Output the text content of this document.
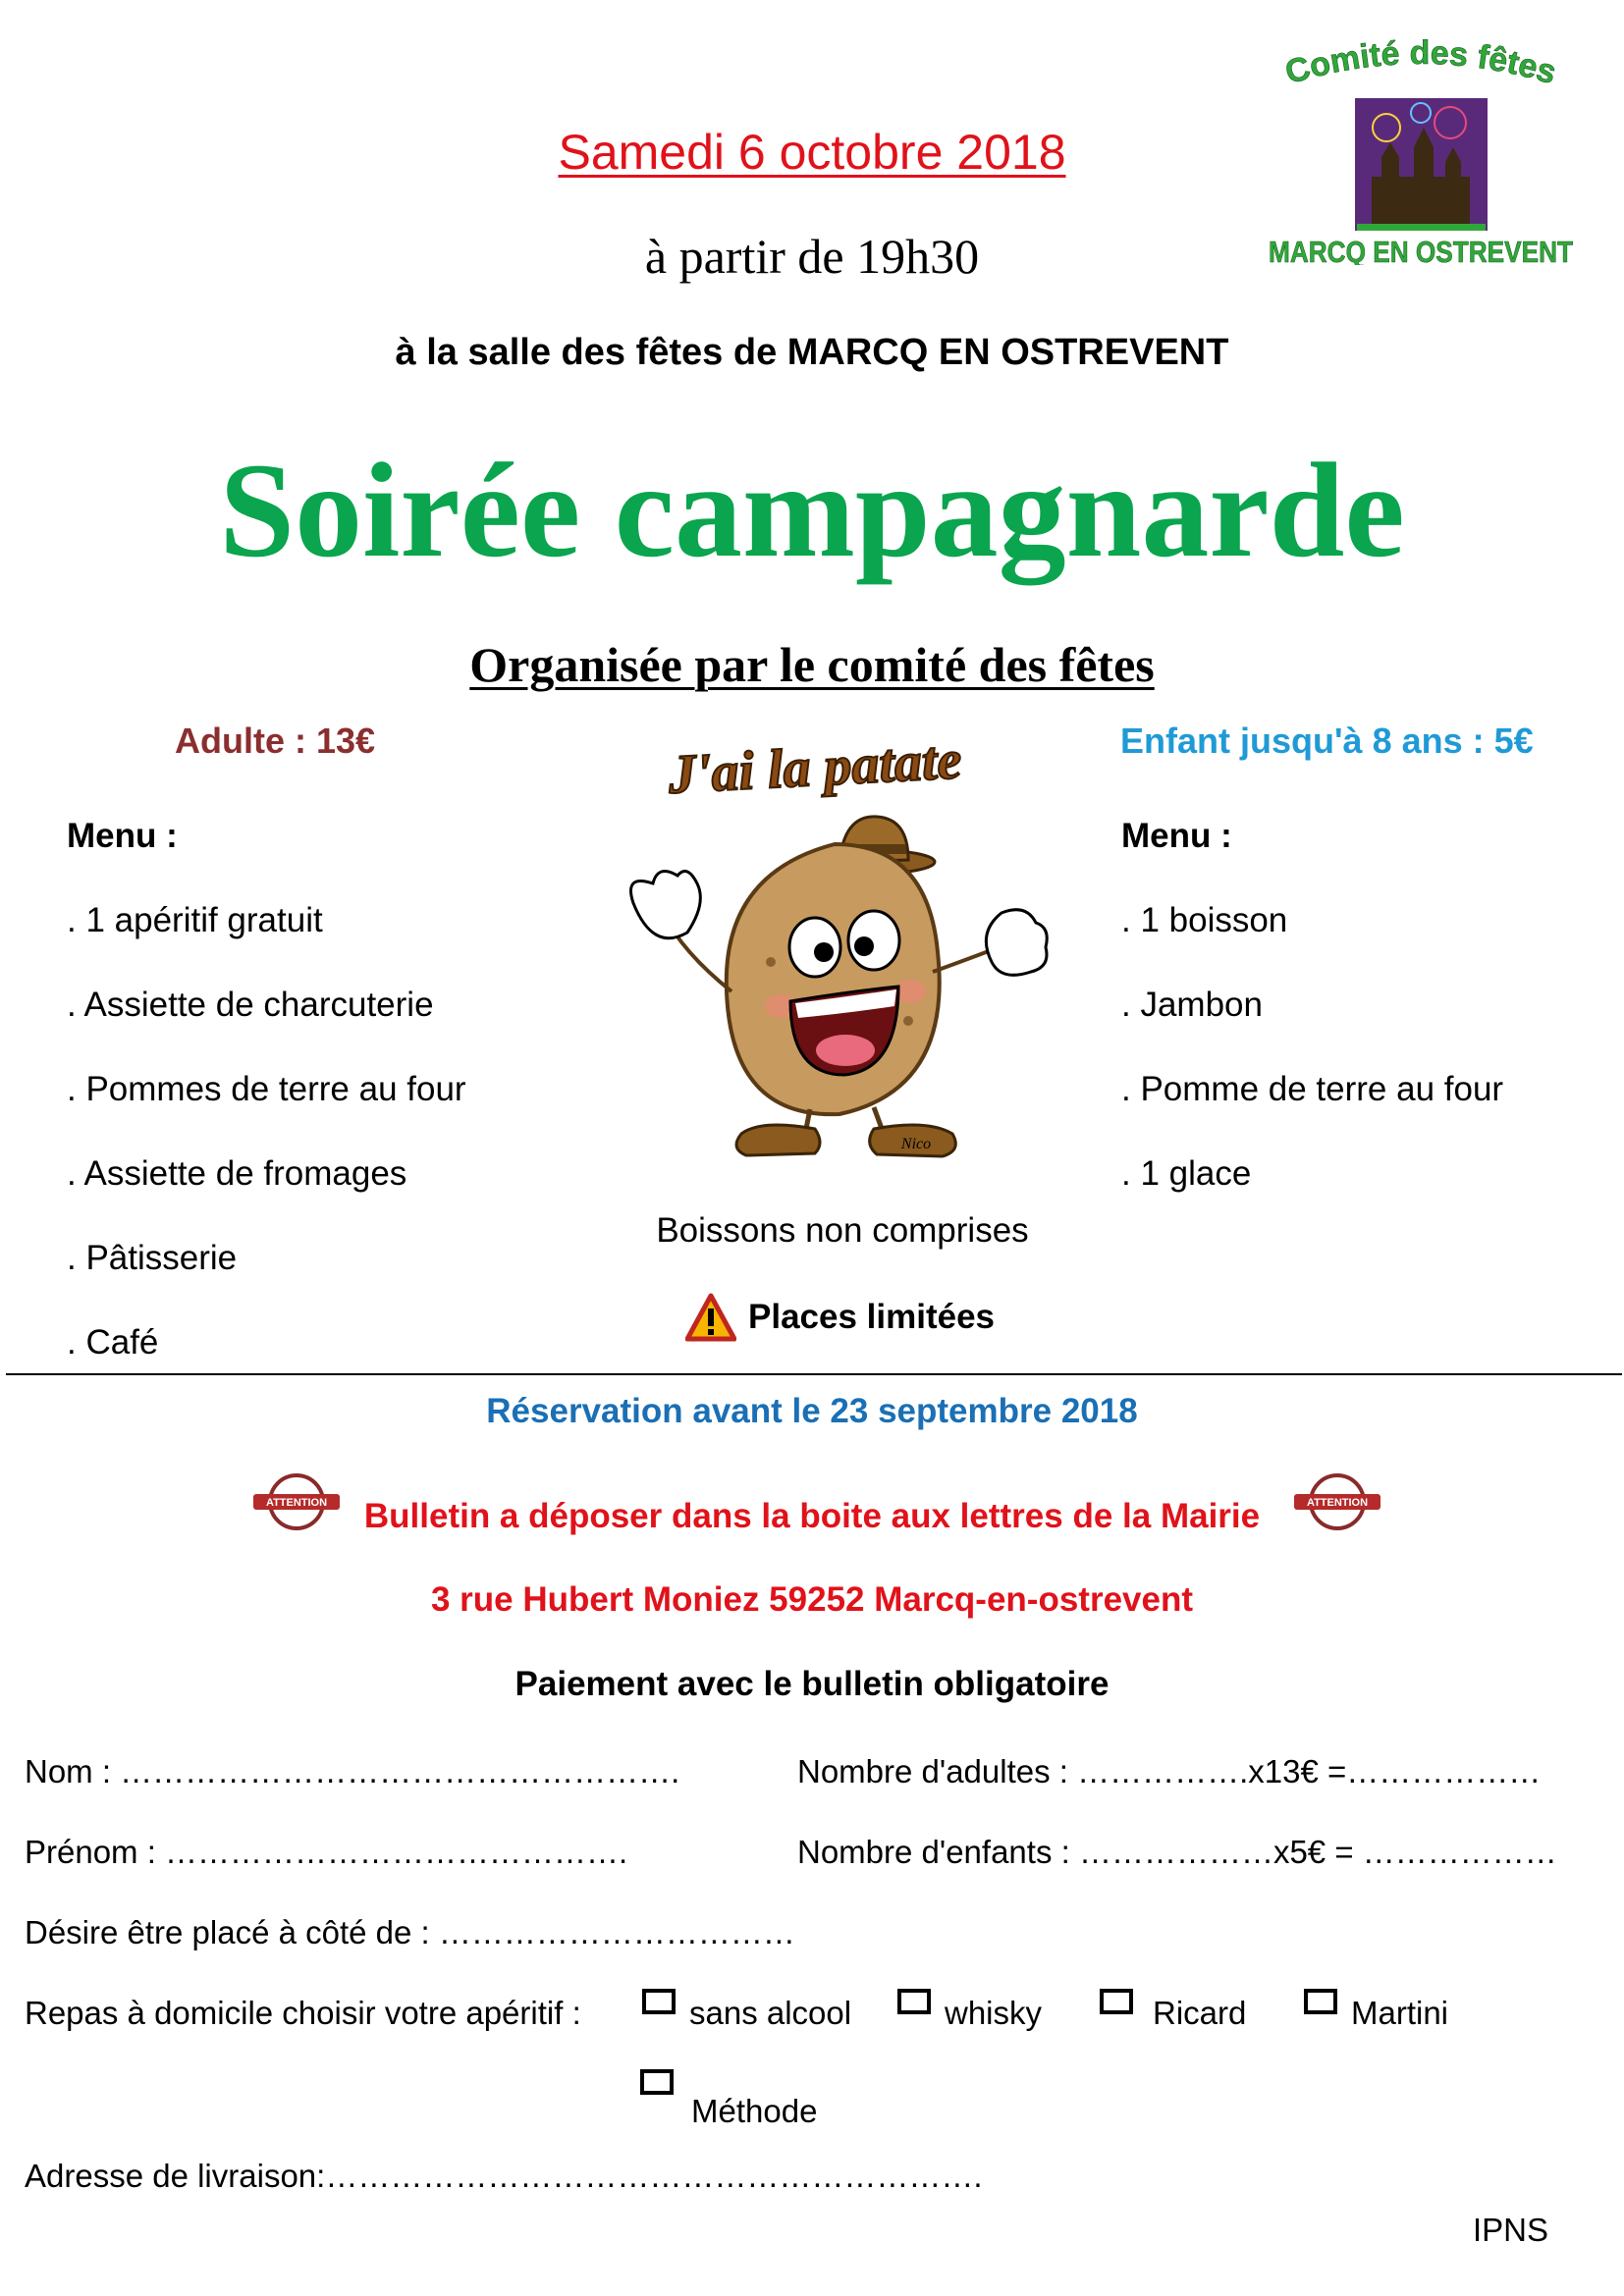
Samedi 6 octobre 2018
à partir de 19h30
à la salle des fêtes de MARCQ EN OSTREVENT
Soirée campagnarde
Organisée par le comité des fêtes
Comité des fêtes
MARCQ EN OSTREVENT
Adulte : 13€	Enfant jusqu'à 8 ans : 5€
Menu :
. 1 apéritif gratuit
. Assiette de charcuterie
. Pommes de terre au four
. Assiette de fromages
. Pâtisserie
. Café
Menu :
. 1 boisson
. Jambon
. Pomme de terre au four
. 1 glace
J'ai la patate
Nico
Boissons non comprises
Places limitées
Réservation avant le 23 septembre 2018
ATTENTION	ATTENTION
Bulletin a déposer dans la boite aux lettres de la Mairie
3 rue Hubert Moniez 59252 Marcq-en-ostrevent
Paiement avec le bulletin obligatoire
Nom : …………………………………………….	Nombre d'adultes : …………….x13€ =………………
Prénom : …………………………………….	Nombre d'enfants : ………………x5€ = ………………
Désire être placé à côté de : ……………………………
Repas à domicile choisir votre apéritif :	sans alcool	whisky	Ricard	Martini
Méthode
Adresse de livraison:…………………………………………………….
IPNS
